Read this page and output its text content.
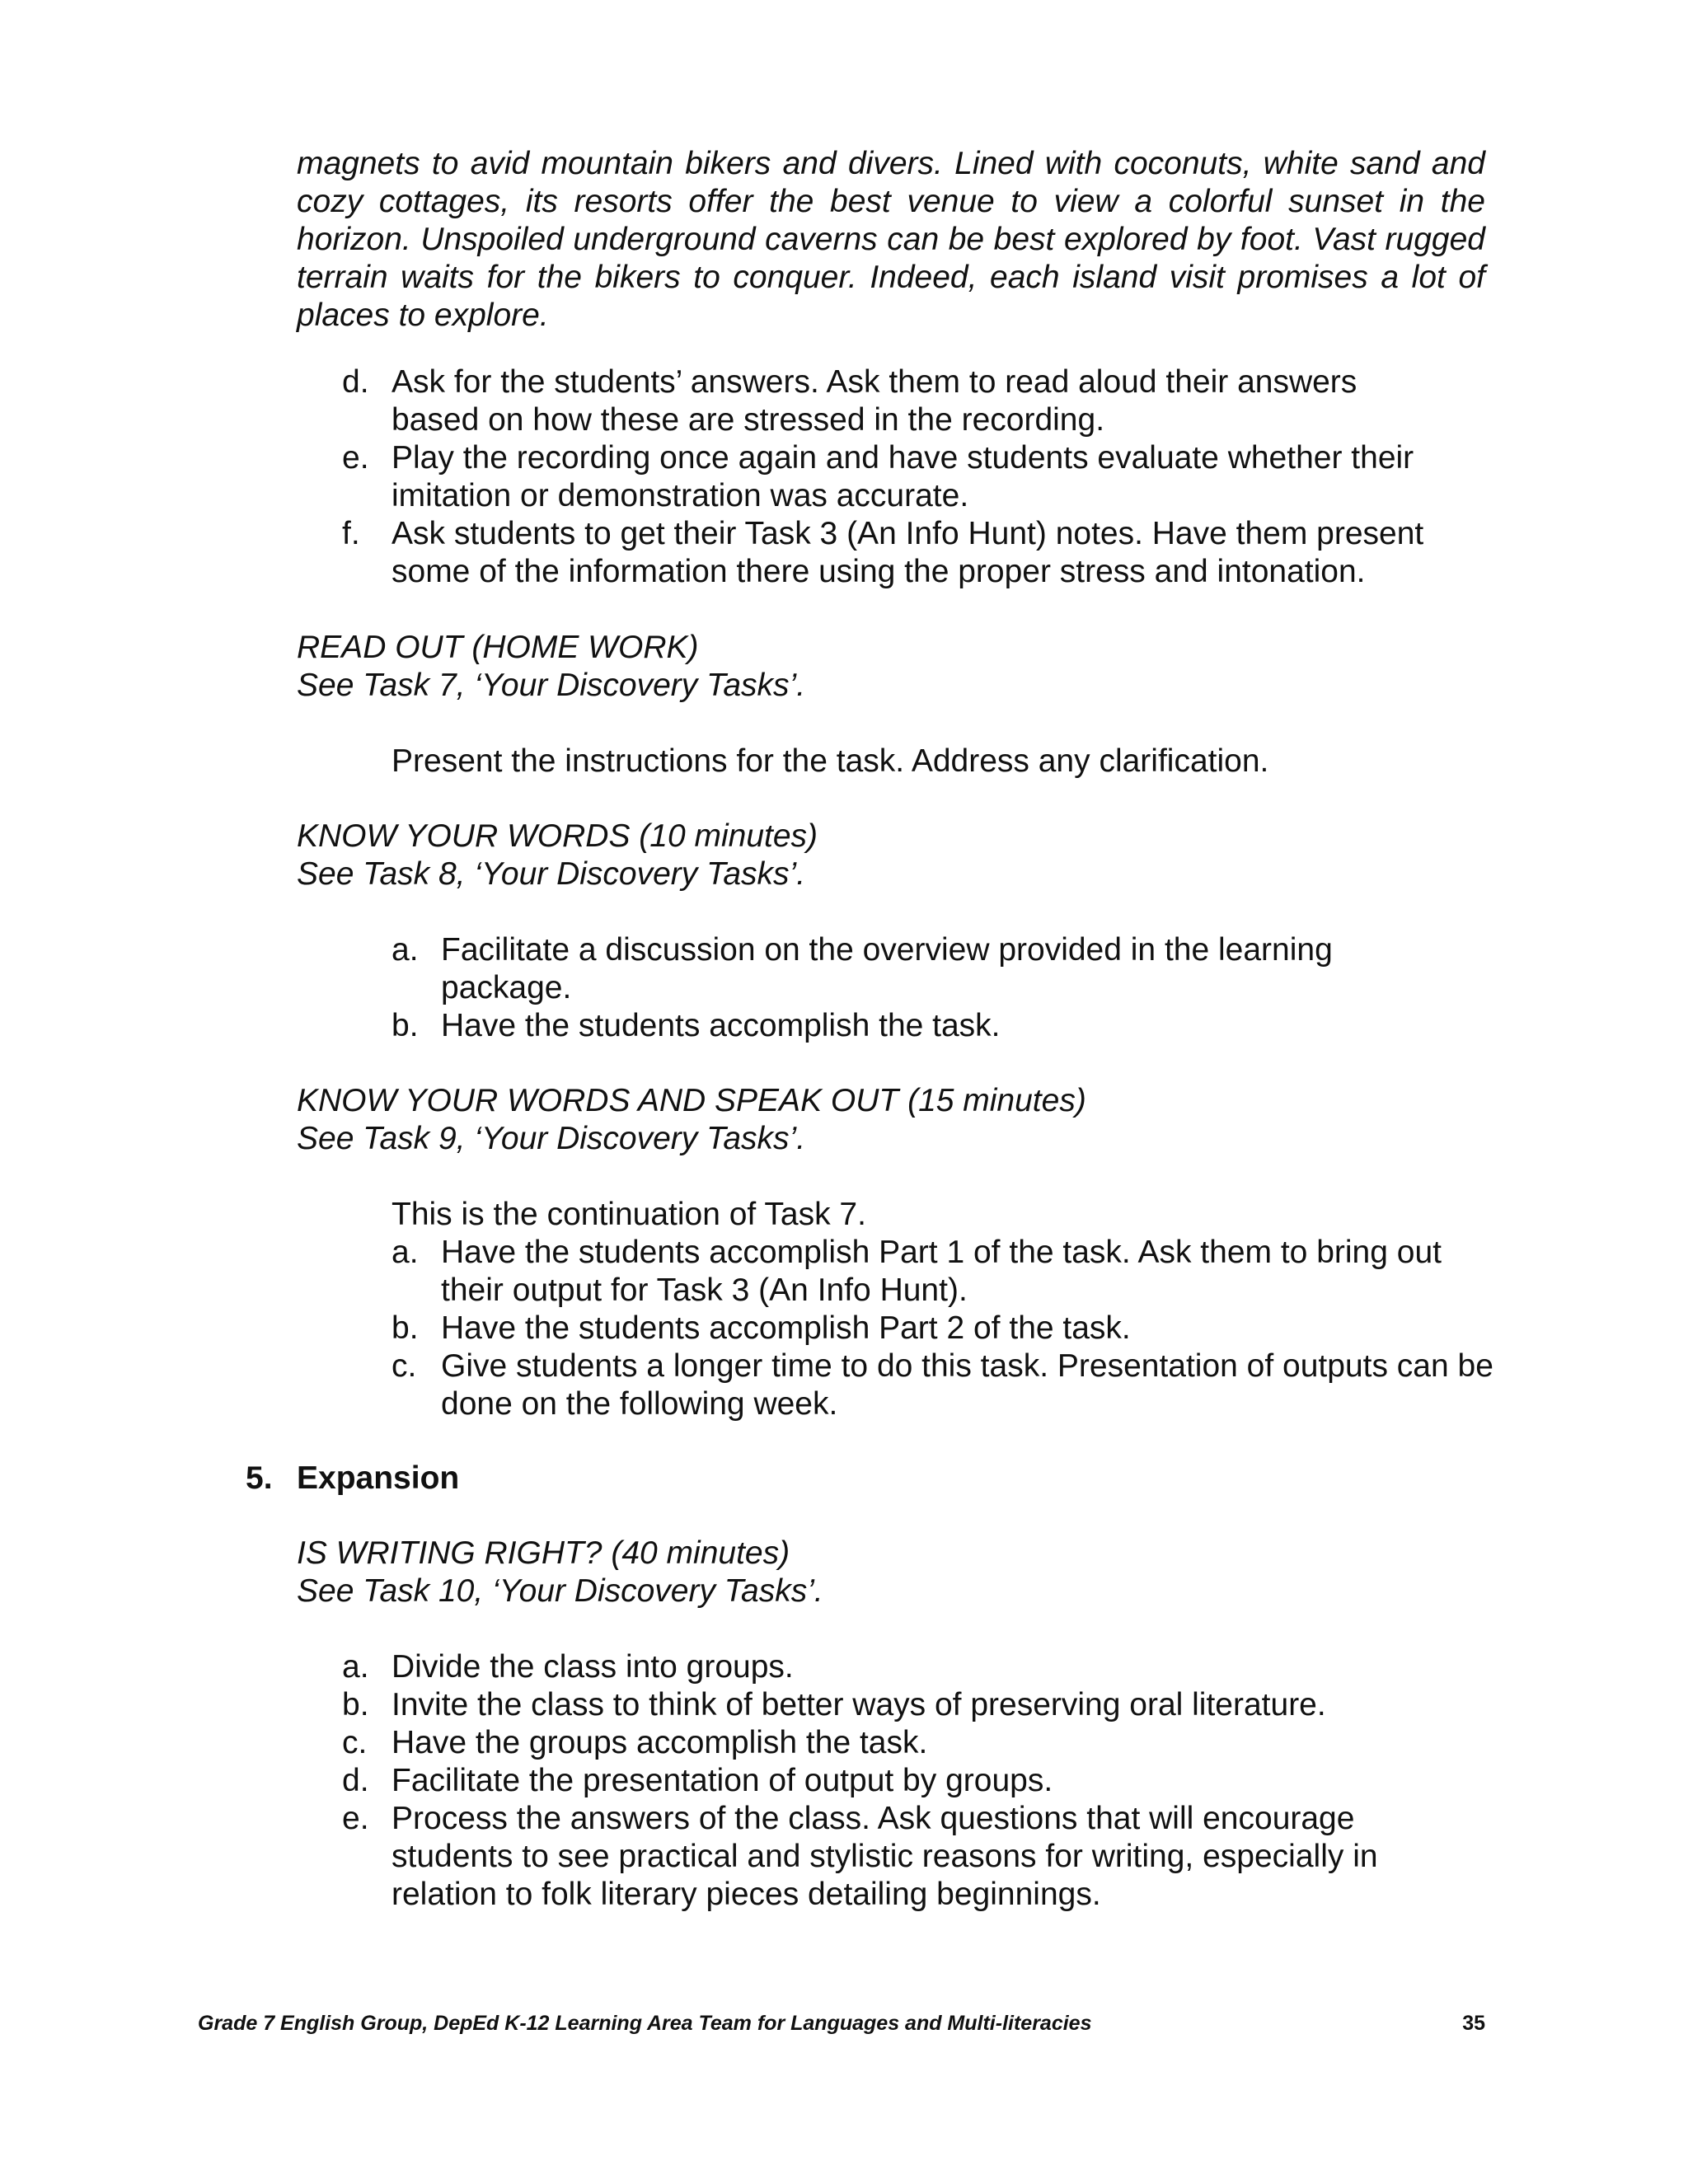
magnets to avid mountain bikers and divers. Lined with coconuts, white sand and cozy cottages, its resorts offer the best venue to view a colorful sunset in the horizon. Unspoiled underground caverns can be best explored by foot. Vast rugged terrain waits for the bikers to conquer. Indeed, each island visit promises a lot of places to explore.
d. Ask for the students’ answers. Ask them to read aloud their answers based on how these are stressed in the recording.
e. Play the recording once again and have students evaluate whether their imitation or demonstration was accurate.
f. Ask students to get their Task 3 (An Info Hunt) notes. Have them present some of the information there using the proper stress and intonation.
READ OUT (HOME WORK)
See Task 7, ‘Your Discovery Tasks’.
Present the instructions for the task. Address any clarification.
KNOW YOUR WORDS (10 minutes)
See Task 8, ‘Your Discovery Tasks’.
a. Facilitate a discussion on the overview provided in the learning package.
b. Have the students accomplish the task.
KNOW YOUR WORDS AND SPEAK OUT (15 minutes)
See Task 9, ‘Your Discovery Tasks’.
This is the continuation of Task 7.
a. Have the students accomplish Part 1 of the task. Ask them to bring out their output for Task 3 (An Info Hunt).
b. Have the students accomplish Part 2 of the task.
c. Give students a longer time to do this task. Presentation of outputs can be done on the following week.
5. Expansion
IS WRITING RIGHT? (40 minutes)
See Task 10, ‘Your Discovery Tasks’.
a. Divide the class into groups.
b. Invite the class to think of better ways of preserving oral literature.
c. Have the groups accomplish the task.
d. Facilitate the presentation of output by groups.
e. Process the answers of the class. Ask questions that will encourage students to see practical and stylistic reasons for writing, especially in relation to folk literary pieces detailing beginnings.
Grade 7 English Group, DepEd K-12 Learning Area Team for Languages and Multi-literacies	35
